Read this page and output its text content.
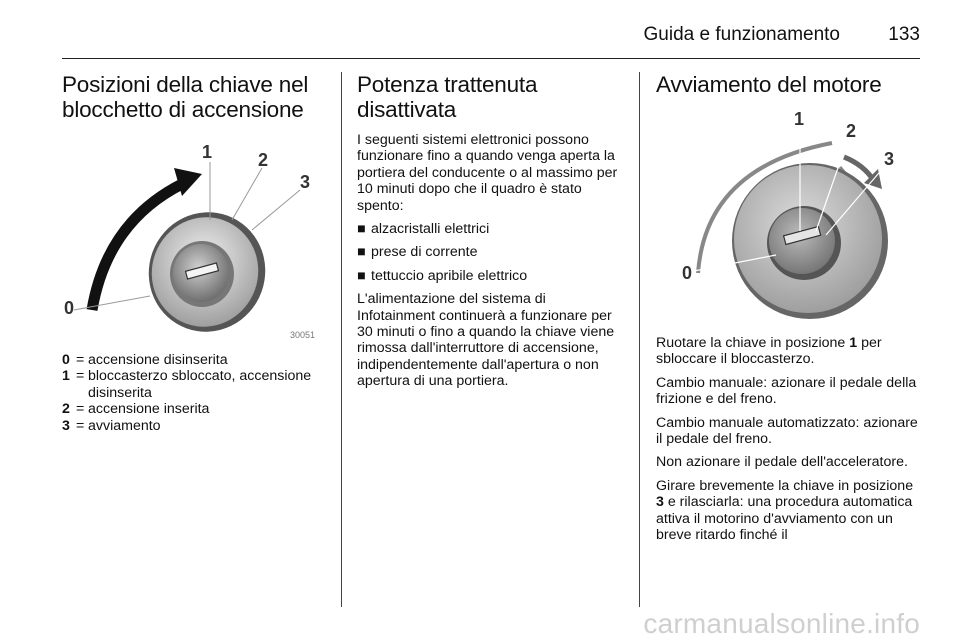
Guida e funzionamento	133
Posizioni della chiave nel blocchetto di accensione
0
1	2
3
30051
0 = accensione disinserita
1 = bloccasterzo sbloccato, accensione disinserita
2 = accensione inserita
3 = avviamento
Potenza trattenuta disattivata

I seguenti sistemi elettronici possono funzionare fino a quando venga aperta la portiera del conducente o al massimo per 10 minuti dopo che il quadro è stato spento:

■ alzacristalli elettrici
■ prese di corrente
■ tettuccio apribile elettrico

L'alimentazione del sistema di Infotainment continuerà a funzionare per 30 minuti o fino a quando la chiave viene rimossa dall'interruttore di accensione, indipendentemente dall'apertura o non apertura di una portiera.

Avviamento del motore
0
1
2
3

Ruotare la chiave in posizione 1 per sbloccare il bloccasterzo.

Cambio manuale: azionare il pedale della frizione e del freno.

Cambio manuale automatizzato: azionare il pedale del freno.

Non azionare il pedale dell'acceleratore.

Girare brevemente la chiave in posizione 3 e rilasciarla: una procedura automatica attiva il motorino d'avviamento con un breve ritardo finché il

carmanualsonline.info
